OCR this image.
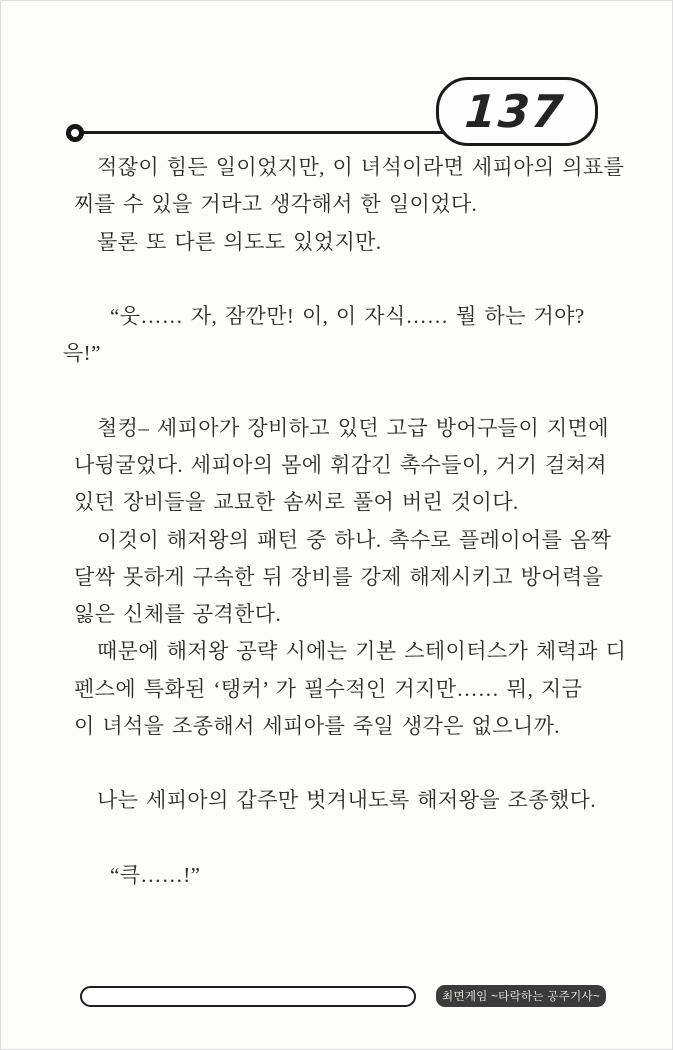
137
적잖이 힘든 일이었지만, 이 녀석이라면 세피아의 의표를
찌를 수 있을 거라고 생각해서 한 일이었다.
물론 또 다른 의도도 있었지만.
“웃…… 자, 잠깐만! 이, 이 자식…… 뭘 하는 거야?
윽!”
철컹– 세피아가 장비하고 있던 고급 방어구들이 지면에
나뒹굴었다. 세피아의 몸에 휘감긴 촉수들이, 거기 걸쳐져
있던 장비들을 교묘한 솜씨로 풀어 버린 것이다.
이것이 해저왕의 패턴 중 하나. 촉수로 플레이어를 옴짝
달싹 못하게 구속한 뒤 장비를 강제 해제시키고 방어력을
잃은 신체를 공격한다.
때문에 해저왕 공략 시에는 기본 스테이터스가 체력과 디
펜스에 특화된 ‘탱커’ 가 필수적인 거지만…… 뭐, 지금
이 녀석을 조종해서 세피아를 죽일 생각은 없으니까.
나는 세피아의 갑주만 벗겨내도록 해저왕을 조종했다.
“큭……!”
최면게임 ~타락하는 공주기사~
